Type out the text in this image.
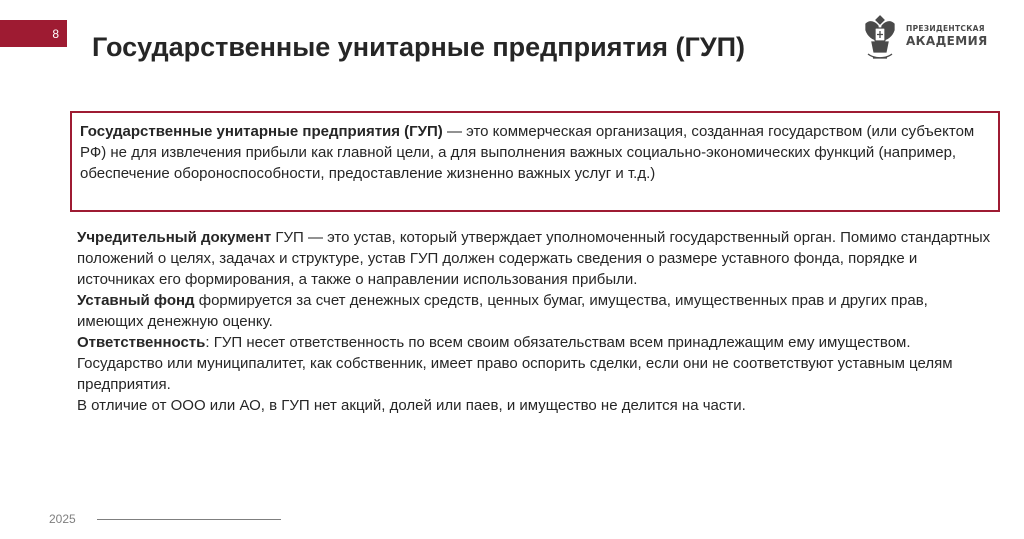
8 Государственные унитарные предприятия (ГУП)
ПРЕЗИДЕНТСКАЯ
АКАДЕМИЯ
Государственные унитарные предприятия (ГУП) — это коммерческая организация, созданная государством (или субъектом РФ) не для извлечения прибыли как главной цели, а для выполнения важных социально-экономических функций (например, обеспечение обороноспособности, предоставление жизненно важных услуг и т.д.)

Учредительный документ ГУП — это устав, который утверждает уполномоченный государственный орган. Помимо стандартных положений о целях, задачах и структуре, устав ГУП должен содержать сведения о размере уставного фонда, порядке и источниках его формирования, а также о направлении использования прибыли.

Уставный фонд формируется за счет денежных средств, ценных бумаг, имущества, имущественных прав и других прав, имеющих денежную оценку.

Ответственность: ГУП несет ответственность по всем своим обязательствам всем принадлежащим ему имуществом. Государство или муниципалитет, как собственник, имеет право оспорить сделки, если они не соответствуют уставным целям предприятия.

В отличие от ООО или АО, в ГУП нет акций, долей или паев, и имущество не делится на части.

2025
